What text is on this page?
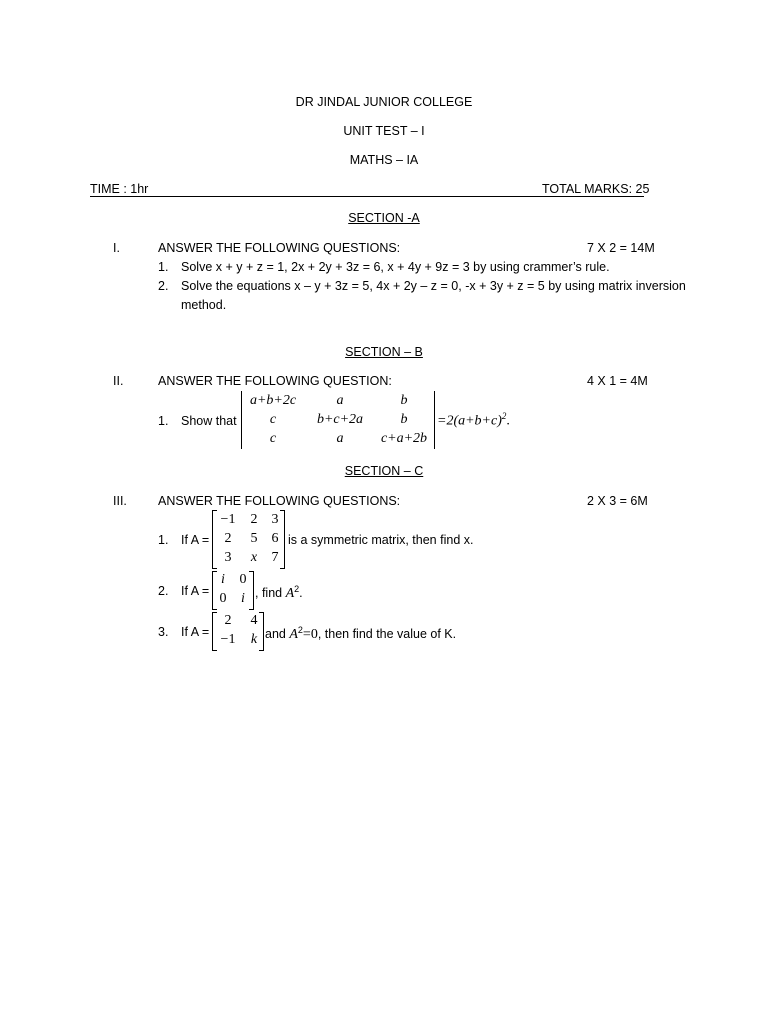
DR JINDAL JUNIOR COLLEGE
UNIT TEST – I
MATHS – IA
TIME : 1hr	TOTAL MARKS: 25
SECTION -A
I.	ANSWER THE FOLLOWING QUESTIONS:	7 X 2 = 14M
1. Solve x + y + z = 1, 2x + 2y + 3z = 6, x + 4y + 9z = 3 by using crammer’s rule.
2. Solve the equations x – y + 3z = 5, 4x + 2y – z = 0, -x + 3y + z = 5 by using matrix inversion
method.
SECTION – B
II.	ANSWER THE FOLLOWING QUESTION:	4 X 1 = 4M
1. Show that
a+b+2c	a	b
c	b+c+2a	b
c	a	c+a+2b
$=2(a+b+c)^2$.
SECTION – C
III. ANSWER THE FOLLOWING QUESTIONS:	2 X 3 = 6M
1. If A =
−1	2	3
2	5	6
3	x	7
is a symmetric matrix, then find x.
2. If A =
i	0
0	i , find $A^2$.
3. If A =
2	4
−1	k and $A^2=0$, then find the value of K.
